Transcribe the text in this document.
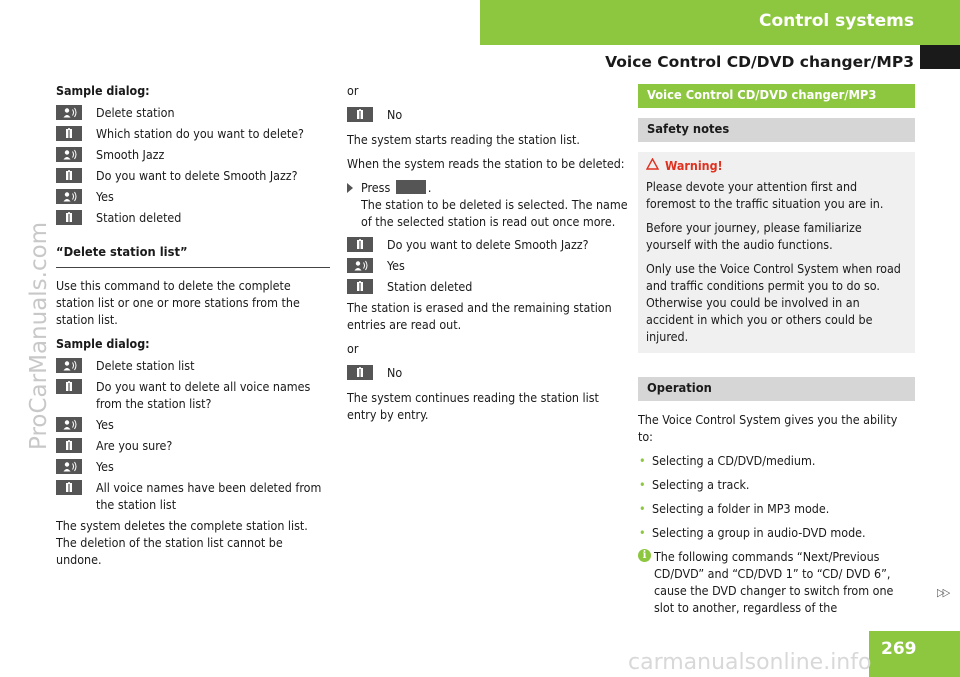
Control systems
Voice Control CD/DVD changer/MP3
ProCarManuals.com

Sample dialog:

Delete station
Which station do you want to delete?
Smooth Jazz
Do you want to delete Smooth Jazz?
Yes
Station deleted
“Delete station list”

Use this command to delete the complete station list or one or more stations from the station list.

Sample dialog:

Delete station list
Do you want to delete all voice names from the station list?
Yes
Are you sure?
Yes
All voice names have been deleted from the station list

The system deletes the complete station list. The deletion of the station list cannot be undone.

or

No

The system starts reading the station list.

When the system reads the station to be deleted:

Press	.
The station to be deleted is selected. The name of the selected station is read out once more.
Do you want to delete Smooth Jazz?
Yes
Station deleted

The station is erased and the remaining station entries are read out.

or

No

The system continues reading the station list entry by entry.

Voice Control CD/DVD changer/MP3
Safety notes
Warning!

Please devote your attention first and foremost to the traffic situation you are in.

Before your journey, please familiarize yourself with the audio functions.

Only use the Voice Control System when road and traffic conditions permit you to do so. Otherwise you could be involved in an accident in which you or others could be injured.

Operation

The Voice Control System gives you the ability to:

• Selecting a CD/DVD/medium.
• Selecting a track.
• Selecting a folder in MP3 mode.
• Selecting a group in audio-DVD mode.
i The following commands “Next/Previous CD/DVD” and “CD/DVD 1” to “CD/ DVD 6”, cause the DVD changer to switch from one slot to another, regardless of the
▷▷
269
carmanualsonline.info
